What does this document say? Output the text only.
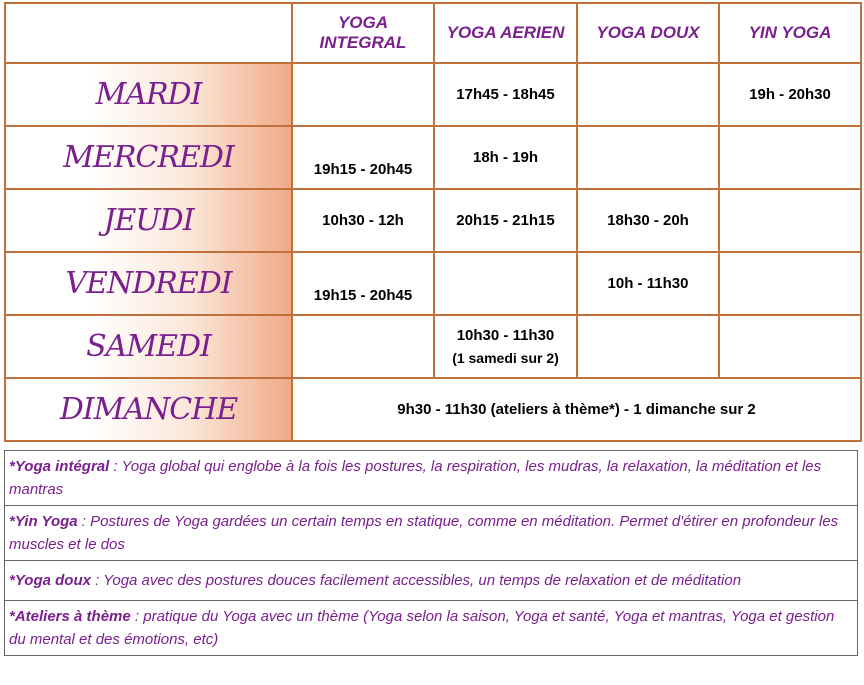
	YOGA INTEGRAL	YOGA AERIEN	YOGA DOUX	YIN YOGA
MARDI		17h45 - 18h45		19h - 20h30

MERCREDI	19h15 - 20h45	18h - 19h		

JEUDI	10h30 - 12h	20h15 - 21h15	18h30 - 20h	

VENDREDI	19h15 - 20h45		10h - 11h30	

SAMEDI		10h30 - 11h30
(1 samedi sur 2)		

DIMANCHE	9h30 - 11h30 (ateliers à thème*) - 1 dimanche sur 2			
*Yoga intégral : Yoga global qui englobe à la fois les postures, la respiration, les mudras, la relaxation, la méditation et les mantras
*Yin Yoga : Postures de Yoga gardées un certain temps en statique, comme en méditation. Permet d'étirer en profondeur les muscles et le dos
*Yoga doux : Yoga avec des postures douces facilement accessibles, un temps de relaxation et de méditation
*Ateliers à thème : pratique du Yoga avec un thème (Yoga selon la saison, Yoga et santé, Yoga et mantras, Yoga et gestion du mental et des émotions, etc)
